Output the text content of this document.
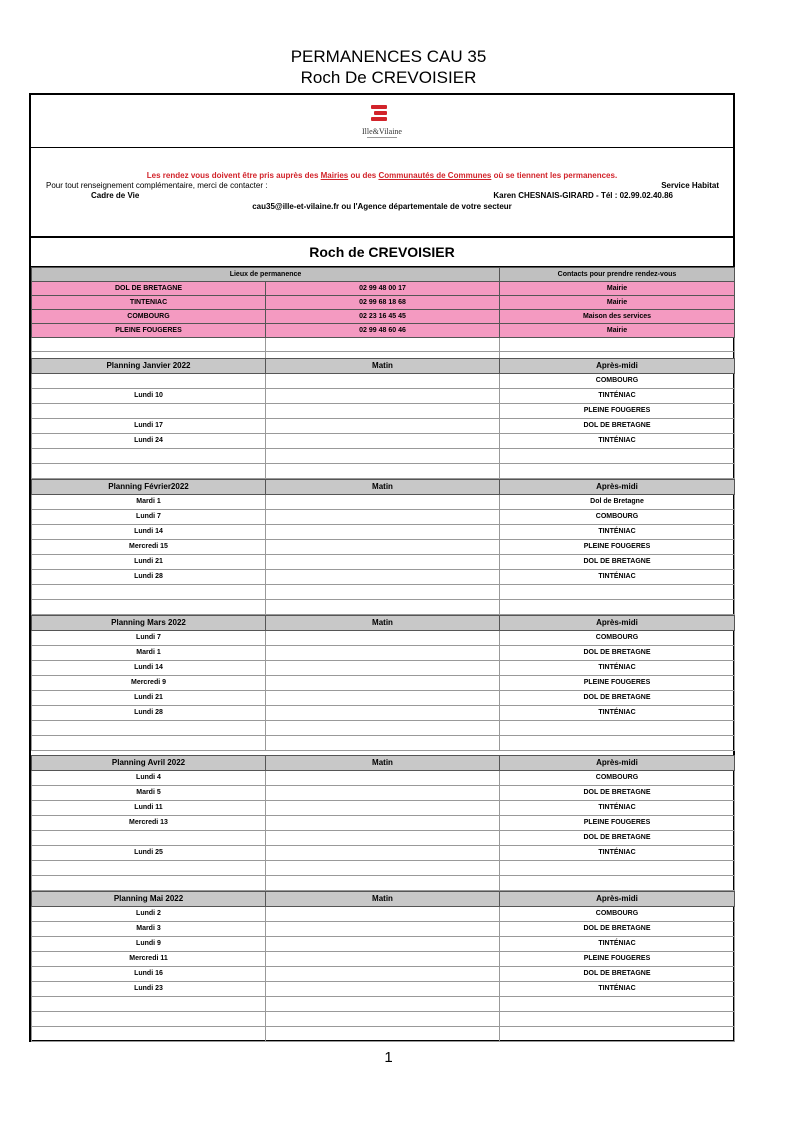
PERMANENCES CAU 35
Roch De CREVOISIER
Ille&Vilaine
Les rendez vous doivent être pris auprès des Mairies ou des Communautés de Communes où se tiennent les permanences.
Pour tout renseignement complémentaire, merci de contacter :	Service Habitat
Cadre de Vie	Karen CHESNAIS-GIRARD - Tél : 02.99.02.40.86
cau35@ille-et-vilaine.fr ou l'Agence départementale de votre secteur
Roch de CREVOISIER
Lieux de permanence		Contacts pour prendre rendez-vous
DOL DE BRETAGNE	02 99 48 00 17	Mairie
TINTENIAC	02 99 68 18 68	Mairie
COMBOURG	02 23 16 45 45	Maison des services
PLEINE FOUGERES	02 99 48 60 46	Mairie

Planning Janvier 2022	Matin	Après-midi
		COMBOURG
Lundi 10		TINTÉNIAC
		PLEINE FOUGERES
Lundi 17		DOL DE BRETAGNE
Lundi 24		TINTÉNIAC

Planning Février2022	Matin	Après-midi
Mardi 1		Dol de Bretagne
Lundi 7		COMBOURG
Lundi 14		TINTÉNIAC
Mercredi 15		PLEINE FOUGERES
Lundi 21		DOL DE BRETAGNE
Lundi 28		TINTÉNIAC

Planning Mars 2022	Matin	Après-midi
Lundi 7		COMBOURG
Mardi 1		DOL DE BRETAGNE
Lundi 14		TINTÉNIAC
Mercredi 9		PLEINE FOUGERES
Lundi 21		DOL DE BRETAGNE
Lundi 28		TINTÉNIAC

Planning Avril 2022	Matin	Après-midi
Lundi 4		COMBOURG
Mardi 5		DOL DE BRETAGNE
Lundi 11		TINTÉNIAC
Mercredi 13		PLEINE FOUGERES
		DOL DE BRETAGNE
Lundi 25		TINTÉNIAC

Planning Mai 2022	Matin	Après-midi
Lundi 2		COMBOURG
Mardi 3		DOL DE BRETAGNE
Lundi 9		TINTÉNIAC
Mercredi 11		PLEINE FOUGERES
Lundi 16		DOL DE BRETAGNE
Lundi 23		TINTÉNIAC

1
